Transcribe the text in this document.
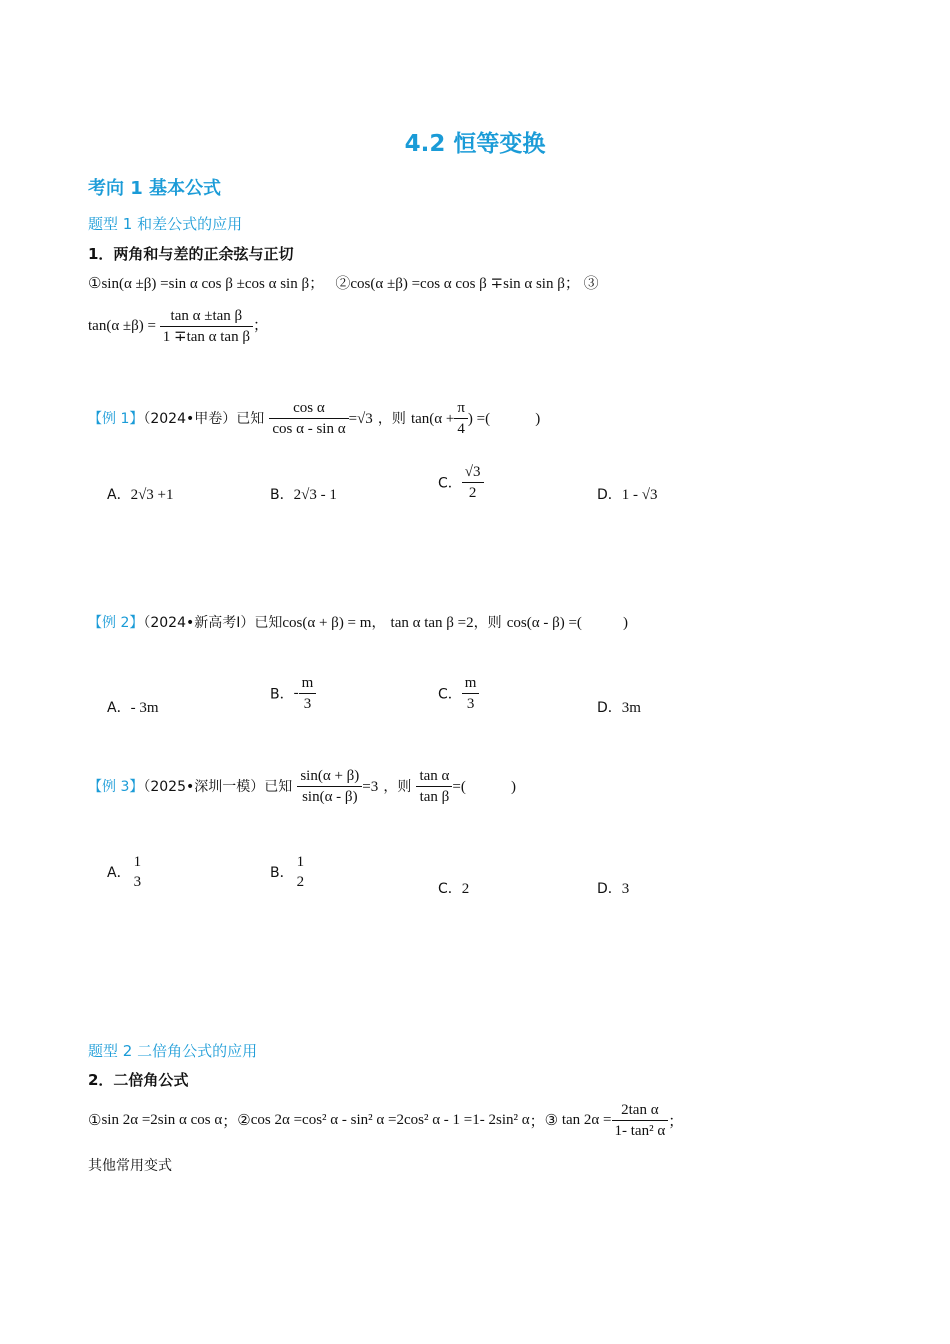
4.2 恒等变换
考向 1 基本公式
题型 1 和差公式的应用
1．两角和与差的正余弦与正切
①sin(α ±β) =sin α cos β ±cos α sin β； ②cos(α ±β) =cos α cos β ∓sin α sin β； ③
$\tan(\alpha \pm\beta) = \frac{\text{tan α ±tan β}}{\text{1 ∓tan α tan β}}$ ；
【例 1】（2024•甲卷）已知 $\frac{\text{cos α}}{\text{cos α - sin α}} =√3$ ，则 $\tan(\alpha + \frac{\pi}{4}$ ) =(	)
A．2√3 +1	B．2√3 - 1
C． $\frac{√3}{2}$	D．1 - √3
【例 2】（2024•新高考Ⅰ）已知cos(α + β) = m， tan α tan β =2，则 cos(α - β) =(	)
A．- 3m
B．- $\frac{m}{3}$	C． $\frac{m}{3}$	D．3m
【例 3】（2025•深圳一模）已知 $\frac{\sin(\alpha + \beta)}{\sin(\alpha - \beta)} =3$ ，则 $\frac{\text{tan α}}{\text{tan β}}$ =(	)
A．
1
3
B．
1
2	C．2	D．3
题型 2 二倍角公式的应用
2．二倍角公式
①sin 2α =2sin α cos α；②cos 2α =cos² α - sin² α =2cos² α - 1 =1- 2sin² α；③ $\tan 2\alpha = \frac{\text{2tan α}}{\text{1- tan² α}}$ ；
其他常用变式
